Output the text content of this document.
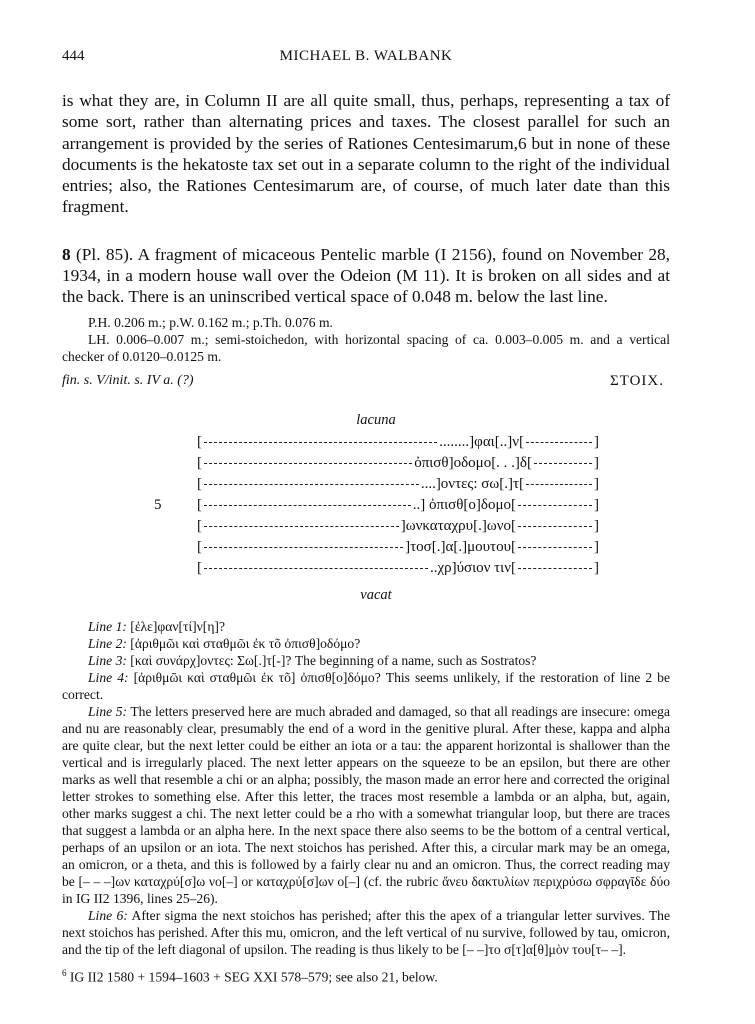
444	MICHAEL B. WALBANK
is what they are, in Column II are all quite small, thus, perhaps, representing a tax of some sort, rather than alternating prices and taxes. The closest parallel for such an arrangement is provided by the series of Rationes Centesimarum,6 but in none of these documents is the hekatoste tax set out in a separate column to the right of the individual entries; also, the Rationes Centesimarum are, of course, of much later date than this fragment.
8 (Pl. 85). A fragment of micaceous Pentelic marble (I 2156), found on November 28, 1934, in a modern house wall over the Odeion (M 11). It is broken on all sides and at the back. There is an uninscribed vertical space of 0.048 m. below the last line.
P.H. 0.206 m.; p.W. 0.162 m.; p.Th. 0.076 m.
LH. 0.006–0.007 m.; semi-stoichedon, with horizontal spacing of ca. 0.003–0.005 m. and a vertical checker of 0.0120–0.0125 m.
fin. s. V/init. s. IV a. (?)	ΣΤΟΙΧ.
lacuna
[	........]φαι[..]ν[	]
[	ὀπισθ]οδομο[. . .]δ[	]
[	....]οντες: σω[.]τ[	]
[	..] ὀπισθ[ο]δομο[	]
5
[	]ωνκαταχρυ[.]ωνο[	]
[	]τοσ[.]α[.]μουτου[	]
[	..χρ]ύσιον τιν[	]
vacat
Line 1: [ἐλε]φαν[τί]ν[η]?
Line 2: [ἀριθμῶι καὶ σταθμῶι ἐκ τõ ὀπισθ]οδόμο?
Line 3: [καὶ συνάρχ]οντες: Σω[.]τ[-]? The beginning of a name, such as Sostratos?
Line 4: [ἀριθμῶι καὶ σταθμῶι ἐκ τõ] ὀπισθ[ο]δόμο? This seems unlikely, if the restoration of line 2 be correct.
Line 5: The letters preserved here are much abraded and damaged, so that all readings are insecure: omega and nu are reasonably clear, presumably the end of a word in the genitive plural. After these, kappa and alpha are quite clear, but the next letter could be either an iota or a tau: the apparent horizontal is shallower than the vertical and is irregularly placed. The next letter appears on the squeeze to be an epsilon, but there are other marks as well that resemble a chi or an alpha; possibly, the mason made an error here and corrected the original letter strokes to something else. After this letter, the traces most resemble a lambda or an alpha, but, again, other marks suggest a chi. The next letter could be a rho with a somewhat triangular loop, but there are traces that suggest a lambda or an alpha here. In the next space there also seems to be the bottom of a central vertical, perhaps of an upsilon or an iota. The next stoichos has perished. After this, a circular mark may be an omega, an omicron, or a theta, and this is followed by a fairly clear nu and an omicron. Thus, the correct reading may be [– – –]ων καταχρύ[σ]ω νο[–] or καταχρύ[σ]ων ο[–] (cf. the rubric ἄνευ δακτυλίων περιχρύσω σφραγῖδε δύο in IG II2 1396, lines 25–26).
Line 6: After sigma the next stoichos has perished; after this the apex of a triangular letter survives. The next stoichos has perished. After this mu, omicron, and the left vertical of nu survive, followed by tau, omicron, and the tip of the left diagonal of upsilon. The reading is thus likely to be [– –]το σ[τ]α[θ]μὸν του[τ– –].
$^6$ IG II2 1580 + 1594–1603 + SEG XXI 578–579; see also 21, below.
